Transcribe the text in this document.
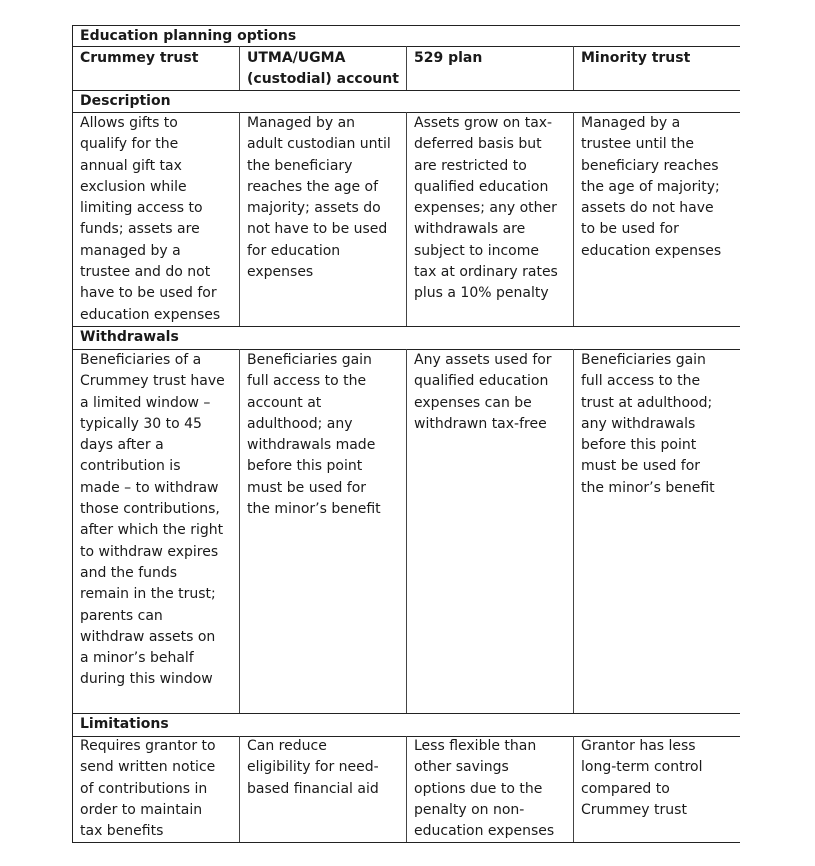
Education planning options
Crummey trust	UTMA/UGMA
(custodial) account
529 plan	Minority trust
Description
Allows gifts to
qualify for the
annual gift tax
exclusion while
limiting access to
funds; assets are
managed by a
trustee and do not
have to be used for
education expenses
Managed by an
adult custodian until
the beneficiary
reaches the age of
majority; assets do
not have to be used
for education
expenses
Assets grow on tax-
deferred basis but
are restricted to
qualified education
expenses; any other
withdrawals are
subject to income
tax at ordinary rates
plus a 10% penalty
Managed by a
trustee until the
beneficiary reaches
the age of majority;
assets do not have
to be used for
education expenses
Withdrawals
Beneficiaries of a
Crummey trust have
a limited window –
typically 30 to 45
days after a
contribution is
made – to withdraw
those contributions,
after which the right
to withdraw expires
and the funds
remain in the trust;
parents can
withdraw assets on
a minor’s behalf
during this window
Beneficiaries gain
full access to the
account at
adulthood; any
withdrawals made
before this point
must be used for
the minor’s benefit
Any assets used for
qualified education
expenses can be
withdrawn tax-free
Beneficiaries gain
full access to the
trust at adulthood;
any withdrawals
before this point
must be used for
the minor’s benefit
Limitations
Requires grantor to
send written notice
of contributions in
order to maintain
tax benefits
Can reduce
eligibility for need-
based financial aid
Less flexible than
other savings
options due to the
penalty on non-
education expenses
Grantor has less
long-term control
compared to
Crummey trust
